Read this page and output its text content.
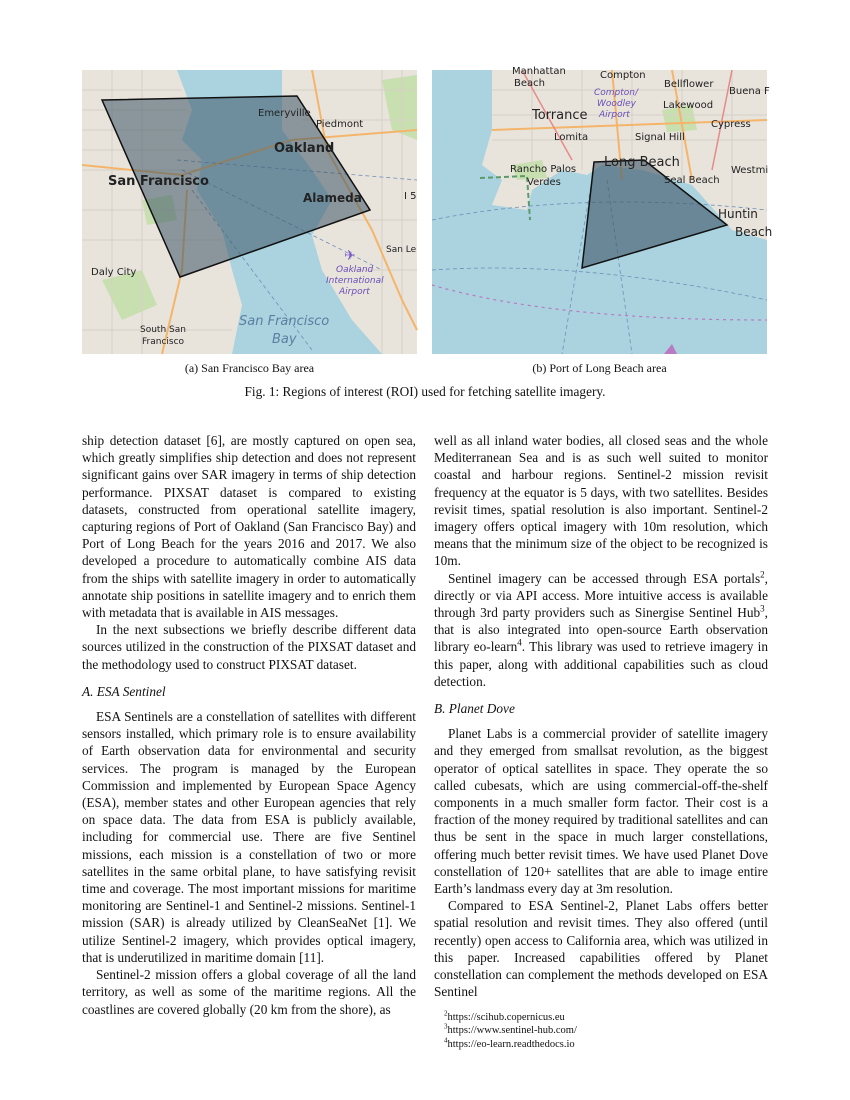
✈
Emeryville
Piedmont
Oakland
San Francisco
Alameda	I 5
San Le
Daly City	Oakland
International
Airport
San Francisco
Bay
South San
Francisco
Manhattan
Beach
Compton
Bellflower
Buena F
Torrance
Compton/
Woodley
Airport
Lakewood
Cypress
Lomita	Signal Hill
Rancho Palos
Verdes
Long Beach
Westmi
Seal Beach
Huntin
Beach
(a) San Francisco Bay area	(b) Port of Long Beach area
Fig. 1: Regions of interest (ROI) used for fetching satellite imagery.

ship detection dataset [6], are mostly captured on open sea, which greatly simplifies ship detection and does not represent significant gains over SAR imagery in terms of ship detection performance. PIXSAT dataset is compared to existing datasets, constructed from operational satellite imagery, capturing regions of Port of Oakland (San Francisco Bay) and Port of Long Beach for the years 2016 and 2017. We also developed a procedure to automatically combine AIS data from the ships with satellite imagery in order to automatically annotate ship positions in satellite imagery and to enrich them with metadata that is available in AIS messages.

In the next subsections we briefly describe different data sources utilized in the construction of the PIXSAT dataset and the methodology used to construct PIXSAT dataset.

A. ESA Sentinel

ESA Sentinels are a constellation of satellites with different sensors installed, which primary role is to ensure availability of Earth observation data for environmental and security services. The program is managed by the European Commission and implemented by European Space Agency (ESA), member states and other European agencies that rely on space data. The data from ESA is publicly available, including for commercial use. There are five Sentinel missions, each mission is a constellation of two or more satellites in the same orbital plane, to have satisfying revisit time and coverage. The most important missions for maritime monitoring are Sentinel-1 and Sentinel-2 missions. Sentinel-1 mission (SAR) is already utilized by CleanSeaNet [1]. We utilize Sentinel-2 imagery, which provides optical imagery, that is underutilized in maritime domain [11].

Sentinel-2 mission offers a global coverage of all the land territory, as well as some of the maritime regions. All the coastlines are covered globally (20 km from the shore), as

well as all inland water bodies, all closed seas and the whole Mediterranean Sea and is as such well suited to monitor coastal and harbour regions. Sentinel-2 mission revisit frequency at the equator is 5 days, with two satellites. Besides revisit times, spatial resolution is also important. Sentinel-2 imagery offers optical imagery with 10m resolution, which means that the minimum size of the object to be recognized is 10m.

Sentinel imagery can be accessed through ESA portals$^2$, directly or via API access. More intuitive access is available through 3rd party providers such as Sinergise Sentinel Hub$^3$, that is also integrated into open-source Earth observation library eo-learn$^4$. This library was used to retrieve imagery in this paper, along with additional capabilities such as cloud detection.

B. Planet Dove

Planet Labs is a commercial provider of satellite imagery and they emerged from smallsat revolution, as the biggest operator of optical satellites in space. They operate the so called cubesats, which are using commercial-off-the-shelf components in a much smaller form factor. Their cost is a fraction of the money required by traditional satellites and can thus be sent in the space in much larger constellations, offering much better revisit times. We have used Planet Dove constellation of 120+ satellites that are able to image entire Earth’s landmass every day at 3m resolution.

Compared to ESA Sentinel-2, Planet Labs offers better spatial resolution and revisit times. They also offered (until recently) open access to California area, which was utilized in this paper. Increased capabilities offered by Planet constellation can complement the methods developed on ESA Sentinel

$^2$https://scihub.copernicus.eu
$^3$https://www.sentinel-hub.com/
$^4$https://eo-learn.readthedocs.io
